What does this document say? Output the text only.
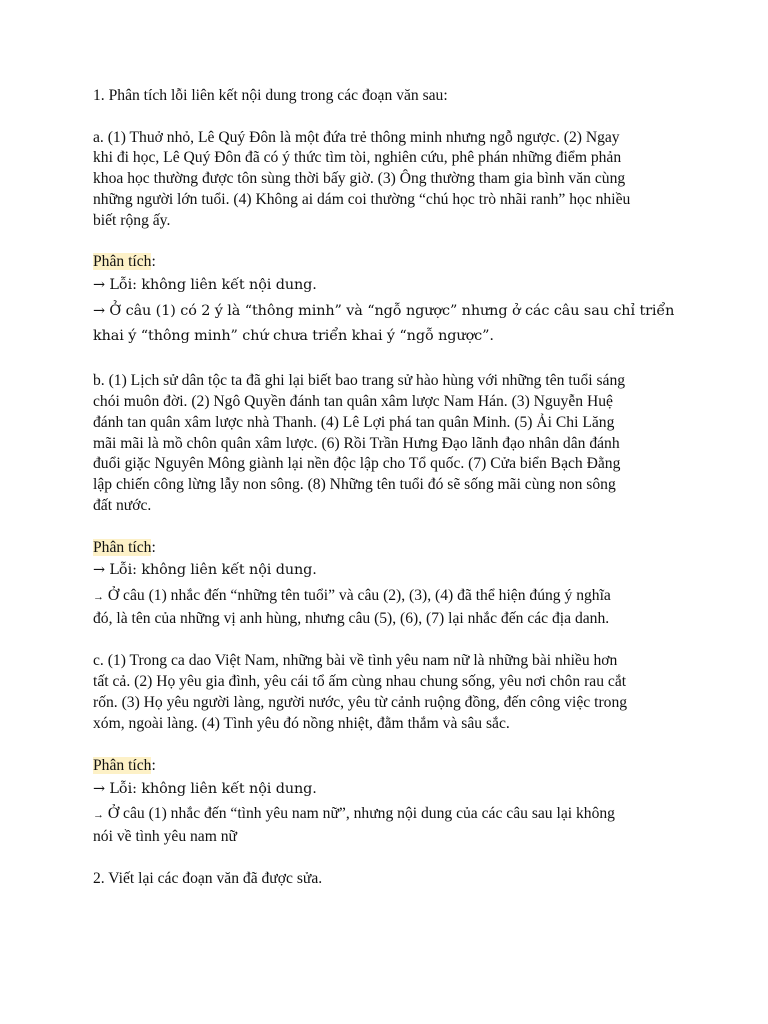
1. Phân tích lỗi liên kết nội dung trong các đoạn văn sau:
a. (1) Thuở nhỏ, Lê Quý Đôn là một đứa trẻ thông minh nhưng ngỗ ngược. (2) Ngay
khi đi học, Lê Quý Đôn đã có ý thức tìm tòi, nghiên cứu, phê phán những điểm phản
khoa học thường được tôn sùng thời bấy giờ. (3) Ông thường tham gia bình văn cùng
những người lớn tuổi. (4) Không ai dám coi thường “chú học trò nhãi ranh” học nhiều
biết rộng ấy.
Phân tích:
→ Lỗi: không liên kết nội dung.
→ Ở câu (1) có 2 ý là “thông minh” và “ngỗ ngược” nhưng ở các câu sau chỉ triển
khai ý “thông minh” chứ chưa triển khai ý “ngỗ ngược”.
b. (1) Lịch sử dân tộc ta đã ghi lại biết bao trang sử hào hùng với những tên tuổi sáng
chói muôn đời. (2) Ngô Quyền đánh tan quân xâm lược Nam Hán. (3) Nguyễn Huệ
đánh tan quân xâm lược nhà Thanh. (4) Lê Lợi phá tan quân Minh. (5) Ải Chi Lăng
mãi mãi là mồ chôn quân xâm lược. (6) Rồi Trần Hưng Đạo lãnh đạo nhân dân đánh
đuổi giặc Nguyên Mông giành lại nền độc lập cho Tổ quốc. (7) Cửa biển Bạch Đằng
lập chiến công lừng lẫy non sông. (8) Những tên tuổi đó sẽ sống mãi cùng non sông
đất nước.
Phân tích:
→ Lỗi: không liên kết nội dung.
→ Ở câu (1) nhắc đến “những tên tuổi” và câu (2), (3), (4) đã thể hiện đúng ý nghĩa
đó, là tên của những vị anh hùng, nhưng câu (5), (6), (7) lại nhắc đến các địa danh.
c. (1) Trong ca dao Việt Nam, những bài về tình yêu nam nữ là những bài nhiều hơn
tất cả. (2) Họ yêu gia đình, yêu cái tổ ấm cùng nhau chung sống, yêu nơi chôn rau cắt
rốn. (3) Họ yêu người làng, người nước, yêu từ cảnh ruộng đồng, đến công việc trong
xóm, ngoài làng. (4) Tình yêu đó nồng nhiệt, đằm thắm và sâu sắc.
Phân tích:
→ Lỗi: không liên kết nội dung.
→ Ở câu (1) nhắc đến “tình yêu nam nữ”, nhưng nội dung của các câu sau lại không
nói về tình yêu nam nữ
2. Viết lại các đoạn văn đã được sửa.
